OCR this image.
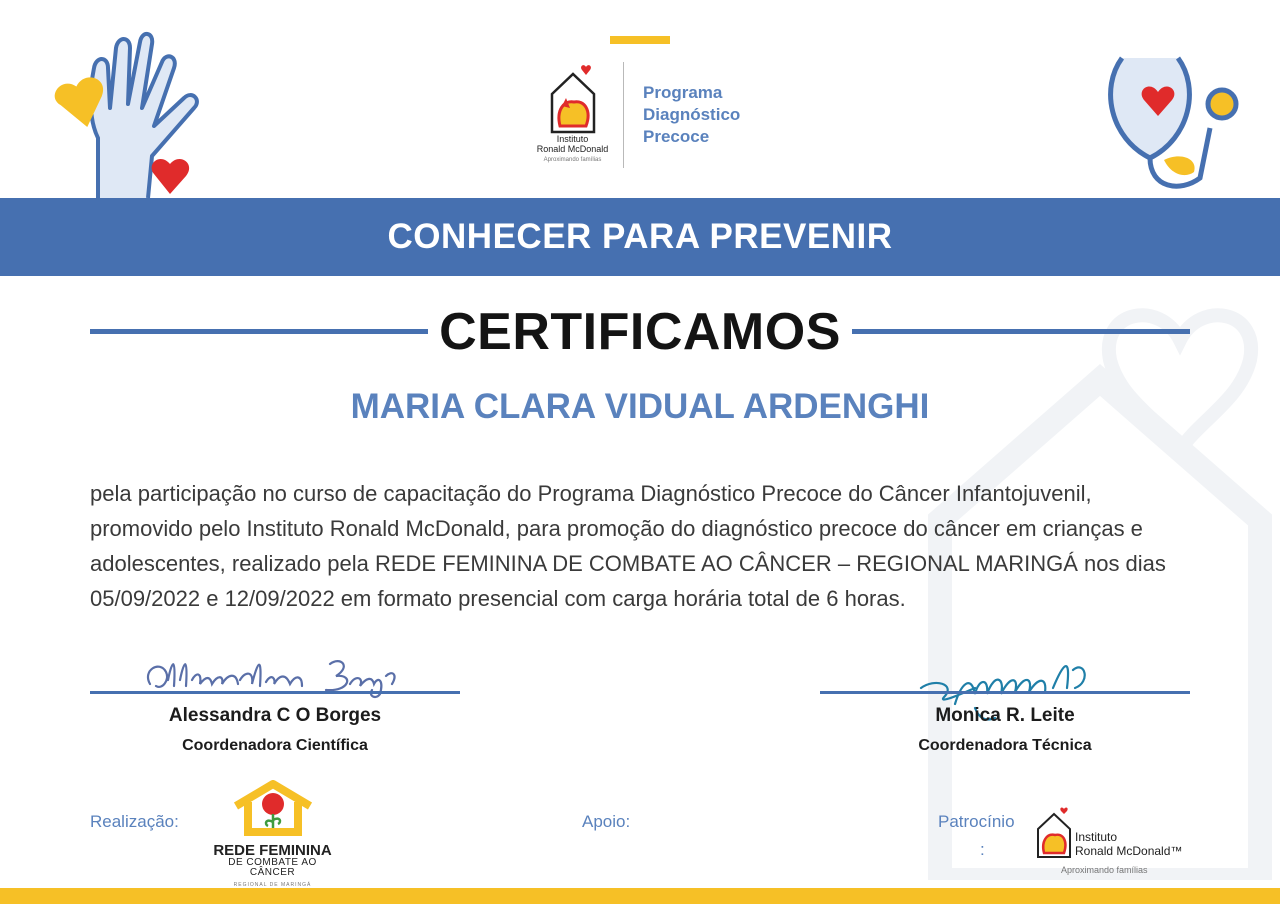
Instituto
Ronald McDonald
Aproximando famílias
Programa
Diagnóstico
Precoce
CONHECER PARA PREVENIR
CERTIFICAMOS
MARIA CLARA VIDUAL ARDENGHI
pela participação no curso de capacitação do Programa Diagnóstico Precoce do Câncer Infantojuvenil, promovido pelo Instituto Ronald McDonald, para promoção do diagnóstico precoce do câncer em crianças e adolescentes, realizado pela REDE FEMININA DE COMBATE AO CÂNCER – REGIONAL MARINGÁ nos dias 05/09/2022 e 12/09/2022 em formato presencial com carga horária total de 6 horas.
Alessandra C O Borges
Coordenadora Científica
Monica R. Leite
Coordenadora Técnica
Realização:
REDE FEMININA
DE COMBATE AO CÂNCER
REGIONAL DE MARINGÁ
Apoio:	Patrocínio
:
Instituto
Ronald McDonald™
Aproximando famílias
